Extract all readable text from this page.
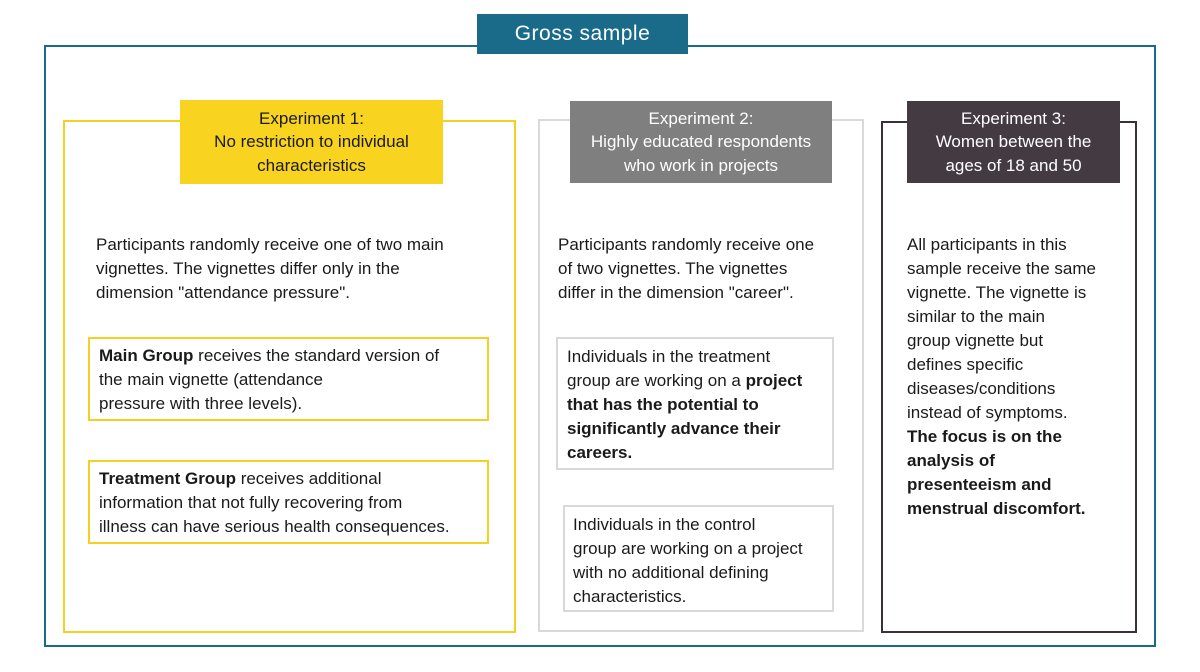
Gross sample
Experiment 1:
No restriction to individual
characteristics

Participants randomly receive one of two main
vignettes. The vignettes differ only in the
dimension "attendance pressure".

Main Group receives the standard version of
the main vignette (attendance
pressure with three levels).
Treatment Group receives additional
information that not fully recovering from
illness can have serious health consequences.
Experiment 2:
Highly educated respondents
who work in projects

Participants randomly receive one
of two vignettes. The vignettes
differ in the dimension "career".

Individuals in the treatment
group are working on a project
that has the potential to
significantly advance their
careers.
Individuals in the control
group are working on a project
with no additional defining
characteristics.
Experiment 3:
Women between the
ages of 18 and 50

All participants in this
sample receive the same
vignette. The vignette is
similar to the main
group vignette but
defines specific
diseases/conditions
instead of symptoms.
The focus is on the
analysis of
presenteeism and
menstrual discomfort.
